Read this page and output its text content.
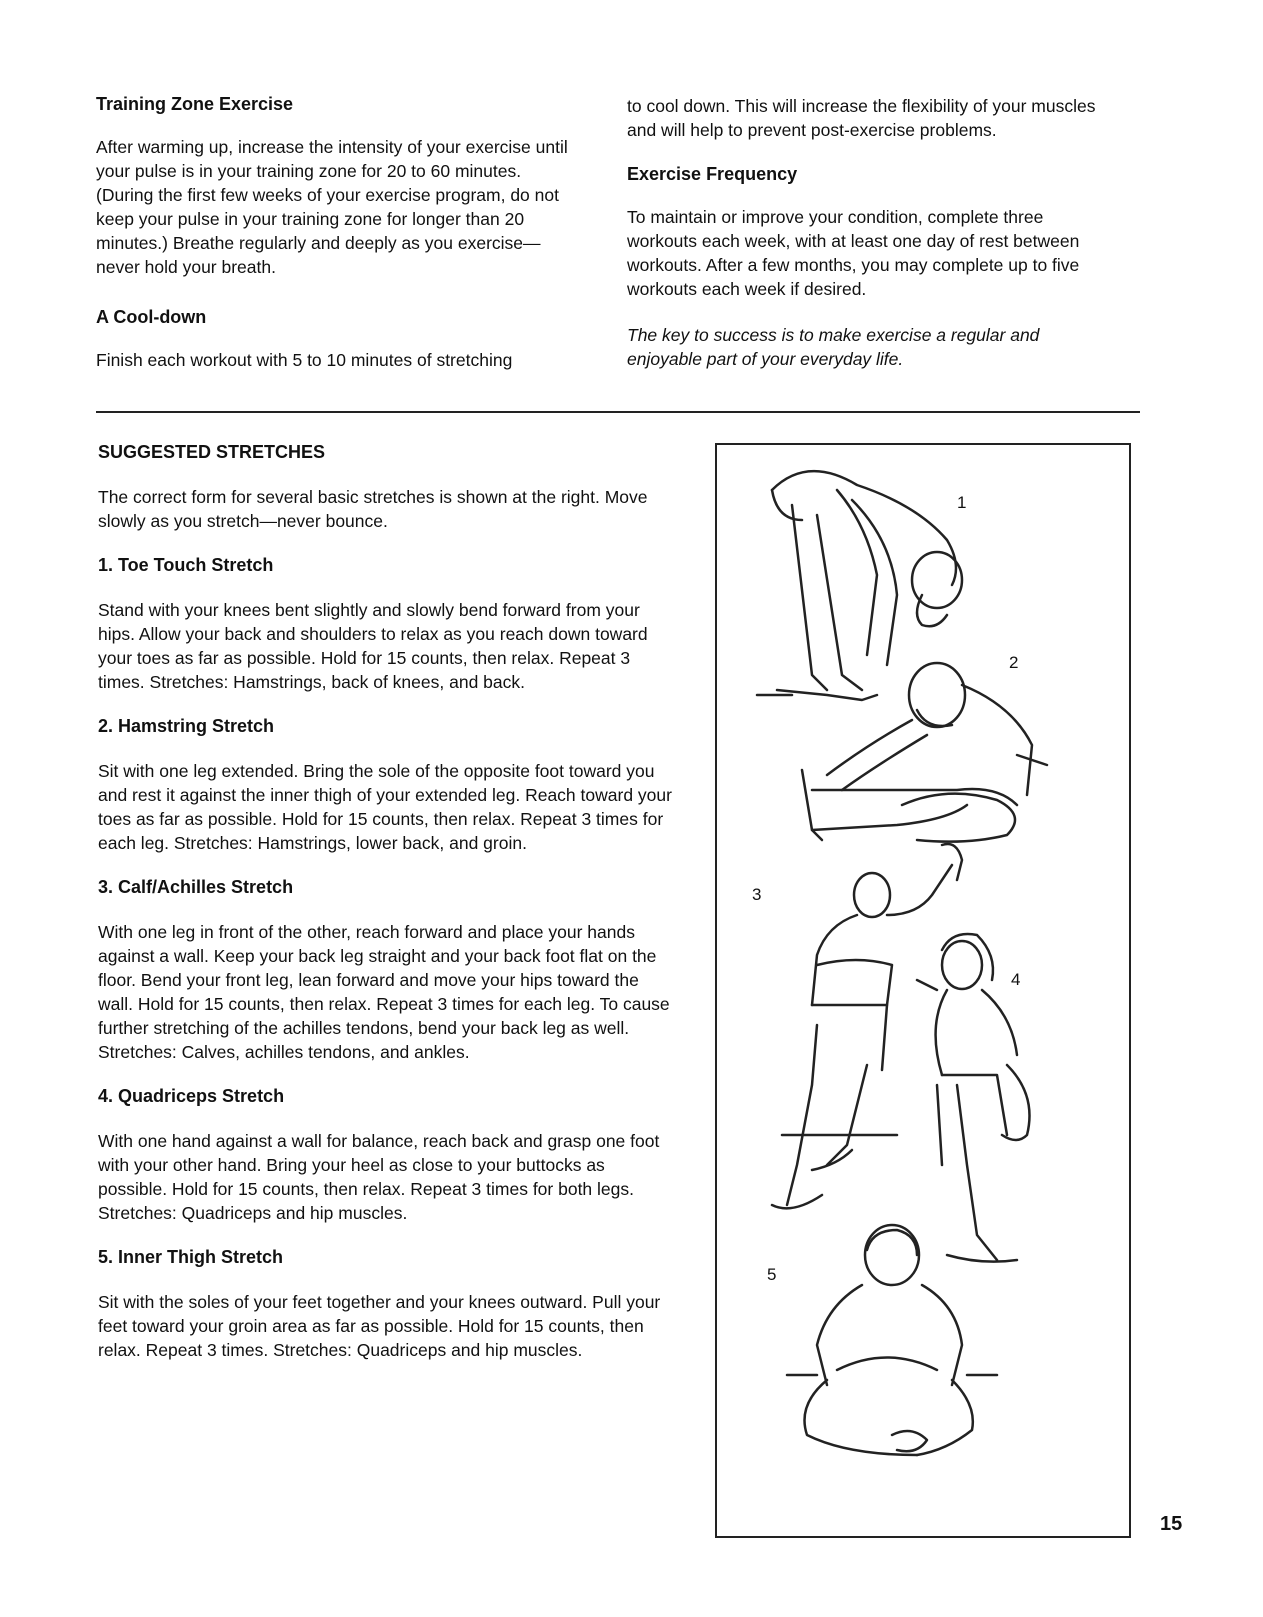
Training Zone Exercise

After warming up, increase the intensity of your exercise until your pulse is in your training zone for 20 to 60 minutes. (During the first few weeks of your exercise program, do not keep your pulse in your training zone for longer than 20 minutes.) Breathe regularly and deeply as you exercise—never hold your breath.

A Cool-down

Finish each workout with 5 to 10 minutes of stretching

to cool down. This will increase the flexibility of your muscles and will help to prevent post-exercise problems.

Exercise Frequency

To maintain or improve your condition, complete three workouts each week, with at least one day of rest between workouts. After a few months, you may complete up to five workouts each week if desired.

The key to success is to make exercise a regular and enjoyable part of your everyday life.

SUGGESTED STRETCHES

The correct form for several basic stretches is shown at the right. Move slowly as you stretch—never bounce.

1. Toe Touch Stretch

Stand with your knees bent slightly and slowly bend forward from your hips. Allow your back and shoulders to relax as you reach down toward your toes as far as possible. Hold for 15 counts, then relax. Repeat 3 times. Stretches: Hamstrings, back of knees, and back.

2. Hamstring Stretch

Sit with one leg extended. Bring the sole of the opposite foot toward you and rest it against the inner thigh of your extended leg. Reach toward your toes as far as possible. Hold for 15 counts, then relax. Repeat 3 times for each leg. Stretches: Hamstrings, lower back, and groin.

3. Calf/Achilles Stretch

With one leg in front of the other, reach forward and place your hands against a wall. Keep your back leg straight and your back foot flat on the floor. Bend your front leg, lean forward and move your hips toward the wall. Hold for 15 counts, then relax. Repeat 3 times for each leg. To cause further stretching of the achilles tendons, bend your back leg as well. Stretches: Calves, achilles tendons, and ankles.

4. Quadriceps Stretch

With one hand against a wall for balance, reach back and grasp one foot with your other hand. Bring your heel as close to your buttocks as possible. Hold for 15 counts, then relax. Repeat 3 times for both legs. Stretches: Quadriceps and hip muscles.

5. Inner Thigh Stretch

Sit with the soles of your feet together and your knees outward. Pull your feet toward your groin area as far as possible. Hold for 15 counts, then relax. Repeat 3 times. Stretches: Quadriceps and hip muscles.

1
2
3
4
5
15
